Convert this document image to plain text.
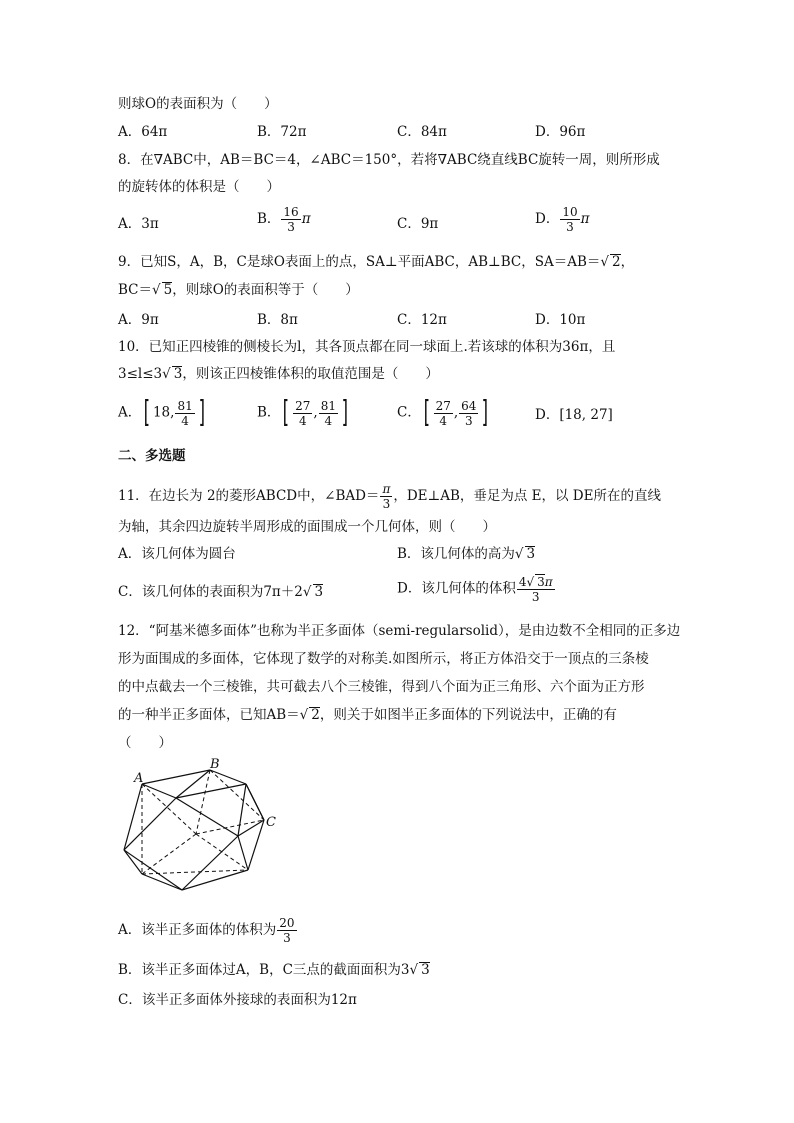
则球O的表面积为（　　）
A．64π	B．72π	C．84π	D．96π
8．在∇ABC中，AB＝BC＝4，∠ABC＝150°，若将∇ABC绕直线BC旋转一周，则所形成
的旋转体的体积是（　　）
A．3π	B． $\frac{16}{3}$ π	C．9π	D． $\frac{10}{3}$ π
9．已知S，A，B，C是球O表面上的点，SA⊥平面ABC，AB⊥BC，SA＝AB＝√ 2，
BC＝√ 5，则球O的表面积等于（　　）
A．9π	B．8π	C．12π	D．10π
10．已知正四棱锥的侧棱长为l，其各顶点都在同一球面上.若该球的体积为36π，且
3≤l≤3√ 3，则该正四棱锥体积的取值范围是（　　）
A．[ 18, $\frac{81}{4}$ ]	B．[ $\frac{27}{4}$ , $\frac{81}{4}$ ]	C．[ $\frac{27}{4}$ , $\frac{64}{3}$ ]	D．[18, 27]
二、多选题
11．在边长为 2的菱形ABCD中，∠BAD＝ $\frac{\pi}{3}$ ，DE⊥AB，垂足为点 E，以 DE所在的直线
为轴，其余四边旋转半周形成的面围成一个几何体，则（　　）
A．该几何体为圆台	B．该几何体的高为√ 3
C．该几何体的表面积为7π＋2√ 3	D．该几何体的体积 $\frac{4√ 3\pi}{3}$
12．“阿基米德多面体”也称为半正多面体（semi-regularsolid），是由边数不全相同的正多边
形为面围成的多面体，它体现了数学的对称美.如图所示，将正方体沿交于一顶点的三条棱
的中点截去一个三棱锥，共可截去八个三棱锥，得到八个面为正三角形、六个面为正方形
的一种半正多面体，已知AB＝√ 2，则关于如图半正多面体的下列说法中，正确的有
（　　）
A
B
C
A．该半正多面体的体积为 $\frac{20}{3}$
B．该半正多面体过A，B，C三点的截面面积为3√ 3
C．该半正多面体外接球的表面积为12π
